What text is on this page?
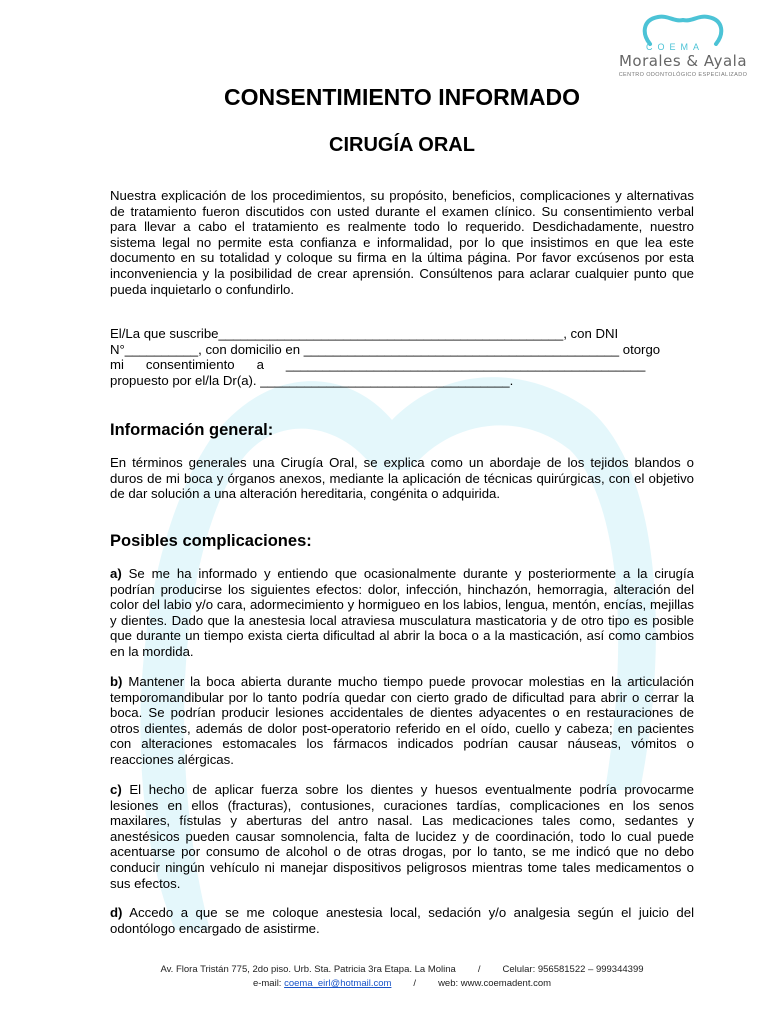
COEMA
Morales & Ayala
CENTRO ODONTOLÓGICO ESPECIALIZADO
CONSENTIMIENTO INFORMADO
CIRUGÍA ORAL
Nuestra explicación de los procedimientos, su propósito, beneficios, complicaciones y alternativas de tratamiento fueron discutidos con usted durante el examen clínico. Su consentimiento verbal para llevar a cabo el tratamiento es realmente todo lo requerido. Desdichadamente, nuestro sistema legal no permite esta confianza e informalidad, por lo que insistimos en que lea este documento en su totalidad y coloque su firma en la última página. Por favor excúsenos por esta inconveniencia y la posibilidad de crear aprensión. Consúltenos para aclarar cualquier punto que pueda inquietarlo o confundirlo.
El/La que suscribe_______________________________________________, con DNI
N°__________, con domicilio en ___________________________________________ otorgo
mi      consentimiento      a      _________________________________________________
propuesto por el/la Dr(a). __________________________________.
Información general:
En términos generales una Cirugía Oral, se explica como un abordaje de los tejidos blandos o duros de mi boca y órganos anexos, mediante la aplicación de técnicas quirúrgicas, con el objetivo de dar solución a una alteración hereditaria, congénita o adquirida.
Posibles complicaciones:
a) Se me ha informado y entiendo que ocasionalmente durante y posteriormente a la cirugía podrían producirse los siguientes efectos: dolor, infección, hinchazón, hemorragia, alteración del color del labio y/o cara, adormecimiento y hormigueo en los labios, lengua, mentón, encías, mejillas y dientes. Dado que la anestesia local atraviesa musculatura masticatoria y de otro tipo es posible que durante un tiempo exista cierta dificultad al abrir la boca o a la masticación, así como cambios en la mordida.
b) Mantener la boca abierta durante mucho tiempo puede provocar molestias en la articulación temporomandibular por lo tanto podría quedar con cierto grado de dificultad para abrir o cerrar la boca. Se podrían producir lesiones accidentales de dientes adyacentes o en restauraciones de otros dientes, además de dolor post-operatorio referido en el oído, cuello y cabeza; en pacientes con alteraciones estomacales los fármacos indicados podrían causar náuseas, vómitos o reacciones alérgicas.
c) El hecho de aplicar fuerza sobre los dientes y huesos eventualmente podría provocarme lesiones en ellos (fracturas), contusiones, curaciones tardías, complicaciones en los senos maxilares, fístulas y aberturas del antro nasal. Las medicaciones tales como, sedantes y anestésicos pueden causar somnolencia, falta de lucidez y de coordinación, todo lo cual puede acentuarse por consumo de alcohol o de otras drogas, por lo tanto, se me indicó que no debo conducir ningún vehículo ni manejar dispositivos peligrosos mientras tome tales medicamentos o sus efectos.
d) Accedo a que se me coloque anestesia local, sedación y/o analgesia según el juicio del odontólogo encargado de asistirme.
Av. Flora Tristán 775, 2do piso. Urb. Sta. Patricia 3ra Etapa. La Molina / Celular: 956581522 – 999344399
e-mail: coema_eirl@hotmail.com / web: www.coemadent.com
